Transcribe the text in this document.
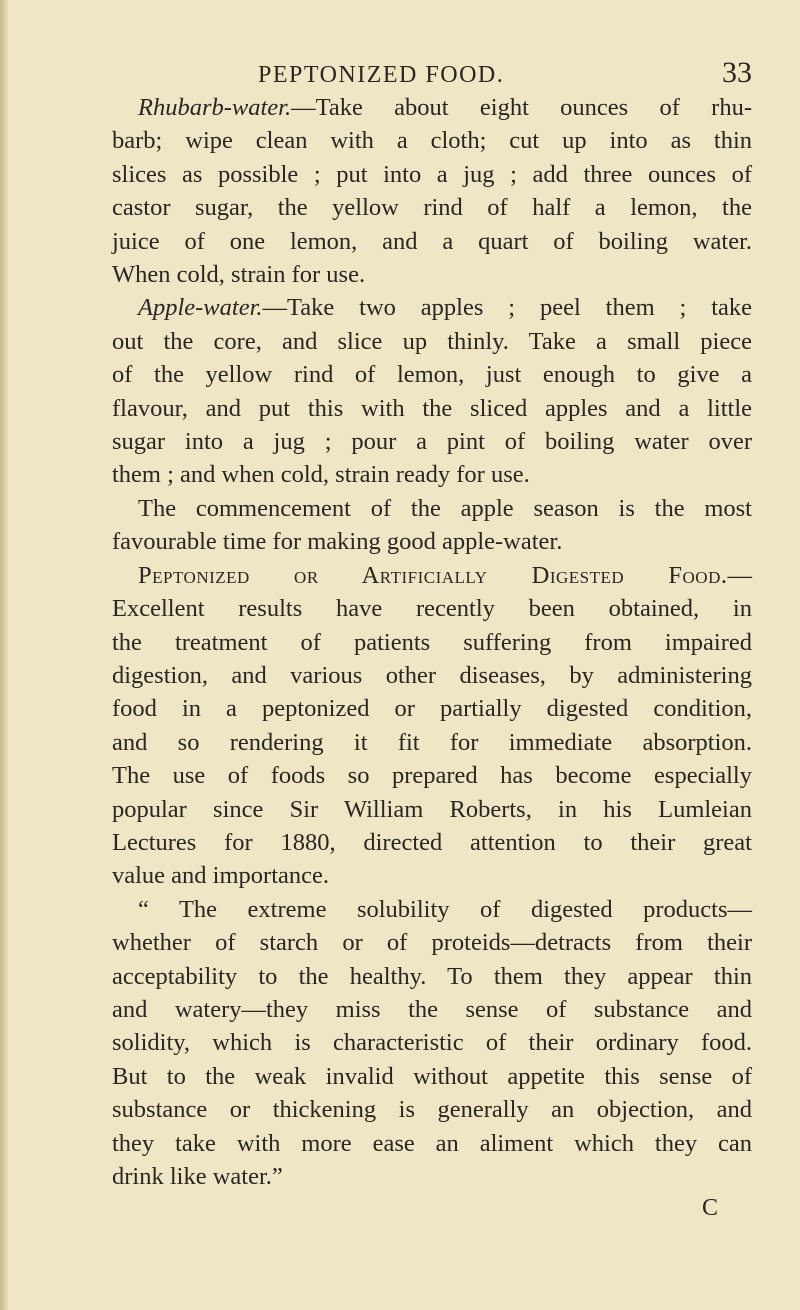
PEPTONIZED FOOD.	33
Rhubarb-water.—Take about eight ounces of rhu-
barb; wipe clean with a cloth; cut up into as thin
slices as possible ; put into a jug ; add three ounces of
castor sugar, the yellow rind of half a lemon, the
juice of one lemon, and a quart of boiling water.
When cold, strain for use.
Apple-water.—Take two apples ; peel them ; take
out the core, and slice up thinly. Take a small piece
of the yellow rind of lemon, just enough to give a
flavour, and put this with the sliced apples and a little
sugar into a jug ; pour a pint of boiling water over
them ; and when cold, strain ready for use.
The commencement of the apple season is the most
favourable time for making good apple-water.
Peptonized or Artificially Digested Food.—
Excellent results have recently been obtained, in
the treatment of patients suffering from impaired
digestion, and various other diseases, by administering
food in a peptonized or partially digested condition,
and so rendering it fit for immediate absorption.
The use of foods so prepared has become especially
popular since Sir William Roberts, in his Lumleian
Lectures for 1880, directed attention to their great
value and importance.
“ The extreme solubility of digested products—
whether of starch or of proteids—detracts from their
acceptability to the healthy. To them they appear thin
and watery—they miss the sense of substance and
solidity, which is characteristic of their ordinary food.
But to the weak invalid without appetite this sense of
substance or thickening is generally an objection, and
they take with more ease an aliment which they can
drink like water.”
C
